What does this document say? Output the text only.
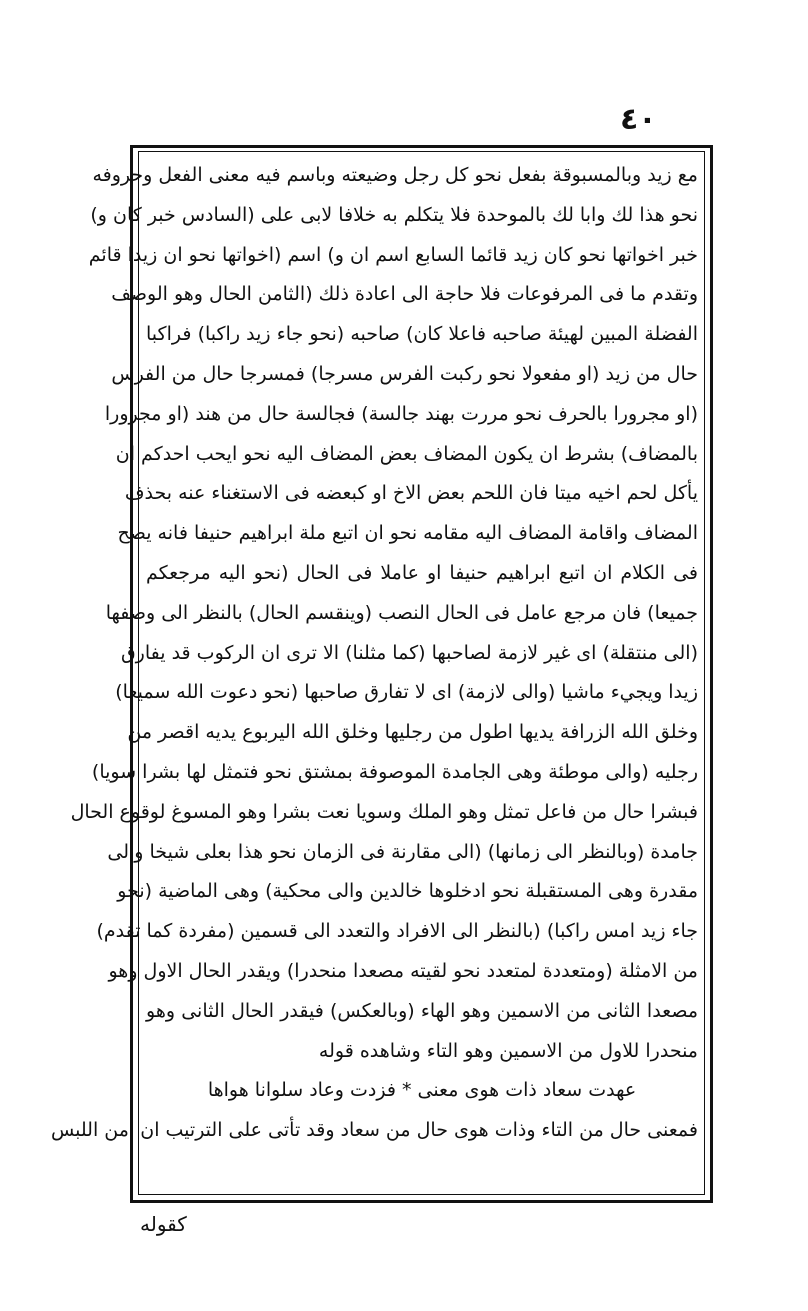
٤٠
مع زيد وبالمسبوقة بفعل نحو كل رجل وضيعته وباسم فيه معنى الفعل وحروفه
نحو هذا لك وابا لك بالموحدة فلا يتكلم به خلافا لابى على (السادس خبر كان و)
خبر اخواتها نحو كان زيد قائما السابع اسم ان و) اسم (اخواتها نحو ان زيدا قائم
وتقدم ما فى المرفوعات فلا حاجة الى اعادة ذلك (الثامن الحال وهو الوصف
الفضلة المبين لهيئة صاحبه فاعلا كان) صاحبه (نحو جاء زيد راكبا) فراكبا
حال من زيد (او مفعولا نحو ركبت الفرس مسرجا) فمسرجا حال من الفرس
(او مجرورا بالحرف نحو مررت بهند جالسة) فجالسة حال من هند (او مجرورا
بالمضاف) بشرط ان يكون المضاف بعض المضاف اليه نحو ايحب احدكم ان
يأكل لحم اخيه ميتا فان اللحم بعض الاخ او كبعضه فى الاستغناء عنه بحذف
المضاف واقامة المضاف اليه مقامه نحو ان اتبع ملة ابراهيم حنيفا فانه يصح
فى الكلام ان اتبع ابراهيم حنيفا او عاملا فى الحال (نحو اليه مرجعكم
جميعا) فان مرجع عامل فى الحال النصب (وينقسم الحال) بالنظر الى وصفها
(الى منتقلة) اى غير لازمة لصاحبها (كما مثلنا) الا ترى ان الركوب قد يفارق
زيدا ويجيء ماشيا (والى لازمة) اى لا تفارق صاحبها (نحو دعوت الله سميعا)
وخلق الله الزرافة يديها اطول من رجليها وخلق الله اليربوع يديه اقصر من
رجليه (والى موطئة وهى الجامدة الموصوفة بمشتق نحو فتمثل لها بشرا سويا)
فبشرا حال من فاعل تمثل وهو الملك وسويا نعت بشرا وهو المسوغ لوقوع الحال
جامدة (وبالنظر الى زمانها) (الى مقارنة فى الزمان نحو هذا بعلى شيخا والى
مقدرة وهى المستقبلة نحو ادخلوها خالدين والى محكية) وهى الماضية (نحو
جاء زيد امس راكبا) (بالنظر الى الافراد والتعدد الى قسمين (مفردة كما تقدم)
من الامثلة (ومتعددة لمتعدد نحو لقيته مصعدا منحدرا) ويقدر الحال الاول وهو
مصعدا الثانى من الاسمين وهو الهاء (وبالعكس) فيقدر الحال الثانى وهو
منحدرا للاول من الاسمين وهو التاء وشاهده قوله
عهدت سعاد ذات هوى معنى * فزدت وعاد سلوانا هواها
فمعنى حال من التاء وذات هوى حال من سعاد وقد تأتى على الترتيب ان امن اللبس
كقوله
